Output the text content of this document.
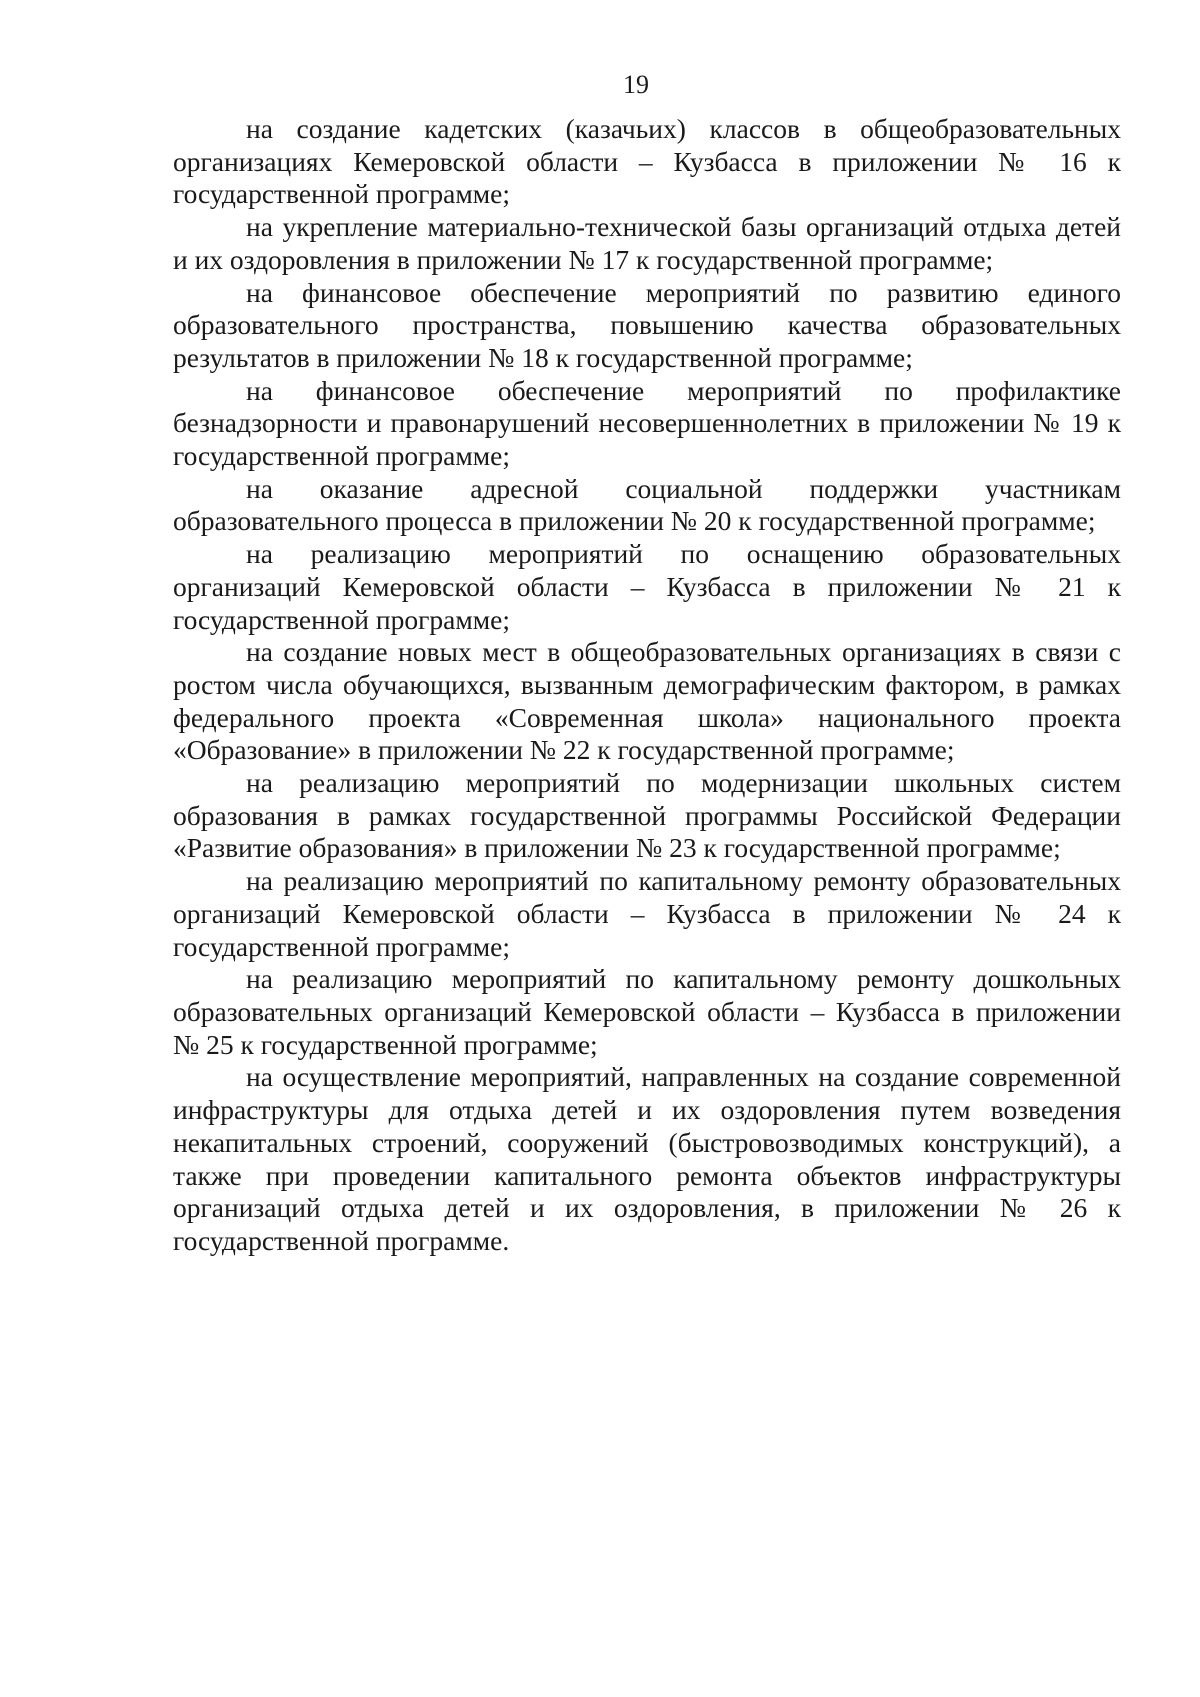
19

на создание кадетских (казачьих) классов в общеобразовательных организациях Кемеровской области – Кузбасса в приложении № 16 к государственной программе;

на укрепление материально-технической базы организаций отдыха детей и их оздоровления в приложении № 17 к государственной программе;

на финансовое обеспечение мероприятий по развитию единого образовательного пространства, повышению качества образовательных результатов в приложении № 18 к государственной программе;

на финансовое обеспечение мероприятий по профилактике безнадзорности и правонарушений несовершеннолетних в приложении № 19 к государственной программе;

на оказание адресной социальной поддержки участникам образовательного процесса в приложении № 20 к государственной программе;

на реализацию мероприятий по оснащению образовательных организаций Кемеровской области – Кузбасса в приложении № 21 к государственной программе;

на создание новых мест в общеобразовательных организациях в связи с ростом числа обучающихся, вызванным демографическим фактором, в рамках федерального проекта «Современная школа» национального проекта «Образование» в приложении № 22 к государственной программе;

на реализацию мероприятий по модернизации школьных систем образования в рамках государственной программы Российской Федерации «Развитие образования» в приложении № 23 к государственной программе;

на реализацию мероприятий по капитальному ремонту образовательных организаций Кемеровской области – Кузбасса в приложении № 24 к государственной программе;

на реализацию мероприятий по капитальному ремонту дошкольных образовательных организаций Кемеровской области – Кузбасса в приложении № 25 к государственной программе;

на осуществление мероприятий, направленных на создание современной инфраструктуры для отдыха детей и их оздоровления путем возведения некапитальных строений, сооружений (быстровозводимых конструкций), а также при проведении капитального ремонта объектов инфраструктуры организаций отдыха детей и их оздоровления, в приложении № 26 к государственной программе.
